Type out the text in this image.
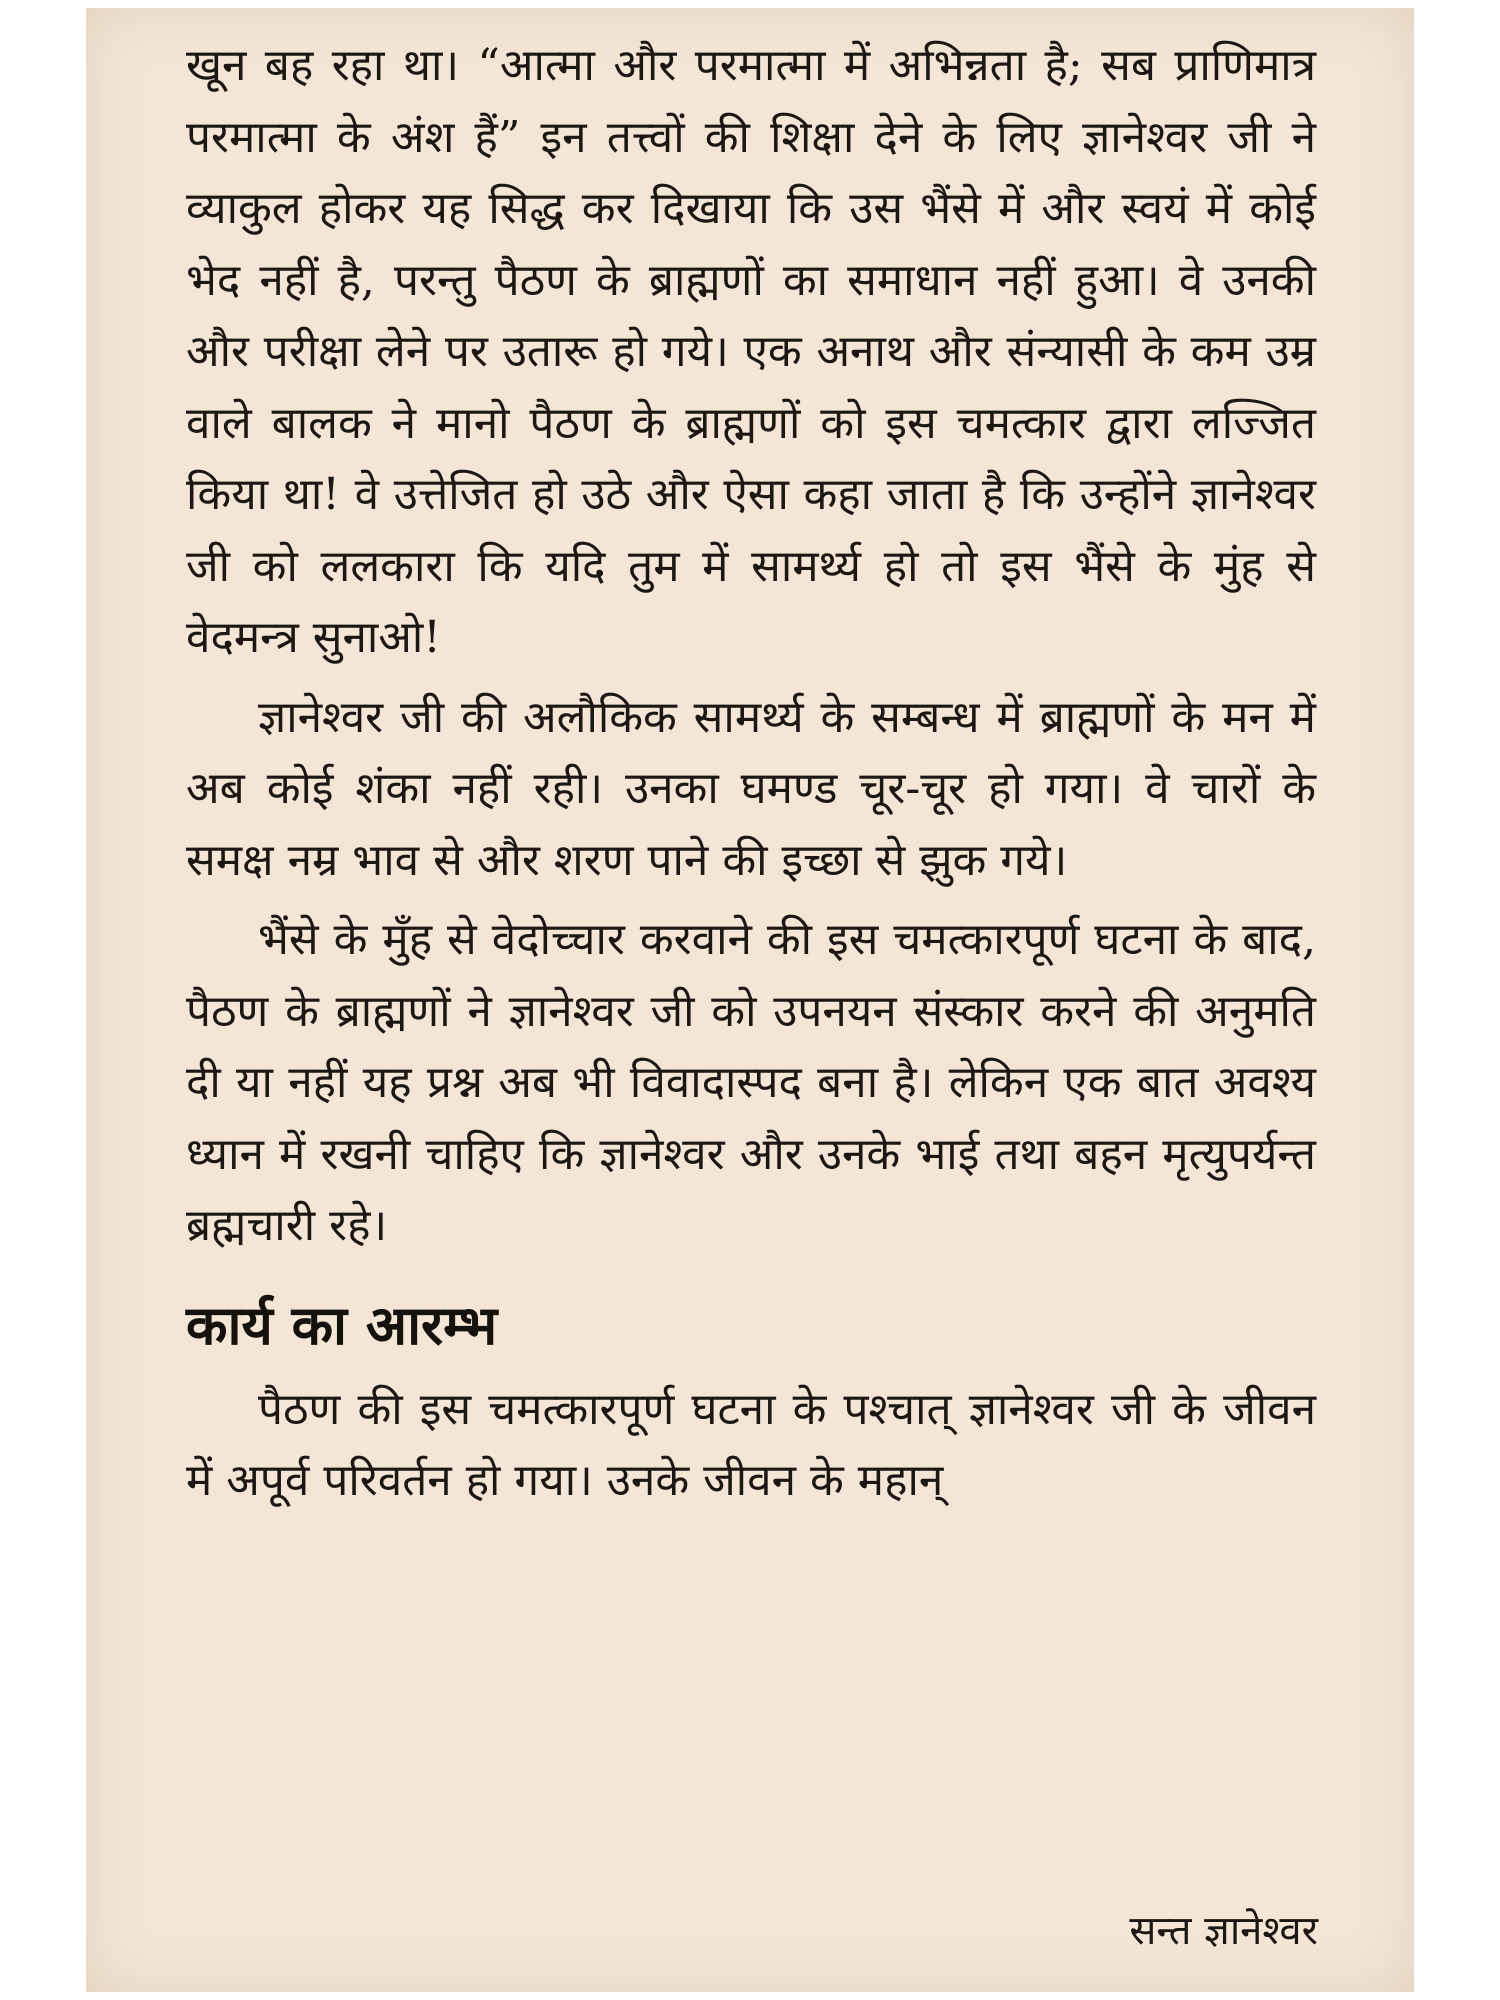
खून बह रहा था। “आत्मा और परमात्मा में अभिन्नता है; सब प्राणिमात्र परमात्मा के अंश हैं” इन तत्त्वों की शिक्षा देने के लिए ज्ञानेश्वर जी ने व्याकुल होकर यह सिद्ध कर दिखाया कि उस भैंसे में और स्वयं में कोई भेद नहीं है, परन्तु पैठण के ब्राह्मणों का समाधान नहीं हुआ। वे उनकी और परीक्षा लेने पर उतारू हो गये। एक अनाथ और संन्यासी के कम उम्र वाले बालक ने मानो पैठण के ब्राह्मणों को इस चमत्कार द्वारा लज्जित किया था! वे उत्तेजित हो उठे और ऐसा कहा जाता है कि उन्होंने ज्ञानेश्वर जी को ललकारा कि यदि तुम में सामर्थ्य हो तो इस भैंसे के मुंह से वेदमन्त्र सुनाओ!

ज्ञानेश्वर जी की अलौकिक सामर्थ्य के सम्बन्ध में ब्राह्मणों के मन में अब कोई शंका नहीं रही। उनका घमण्ड चूर-चूर हो गया। वे चारों के समक्ष नम्र भाव से और शरण पाने की इच्छा से झुक गये।

भैंसे के मुँह से वेदोच्चार करवाने की इस चमत्कारपूर्ण घटना के बाद, पैठण के ब्राह्मणों ने ज्ञानेश्वर जी को उपनयन संस्कार करने की अनुमति दी या नहीं यह प्रश्न अब भी विवादास्पद बना है। लेकिन एक बात अवश्य ध्यान में रखनी चाहिए कि ज्ञानेश्वर और उनके भाई तथा बहन मृत्युपर्यन्त ब्रह्मचारी रहे।

कार्य का आरम्भ

पैठण की इस चमत्कारपूर्ण घटना के पश्चात् ज्ञानेश्वर जी के जीवन में अपूर्व परिवर्तन हो गया। उनके जीवन के महान्

सन्त ज्ञानेश्वर
